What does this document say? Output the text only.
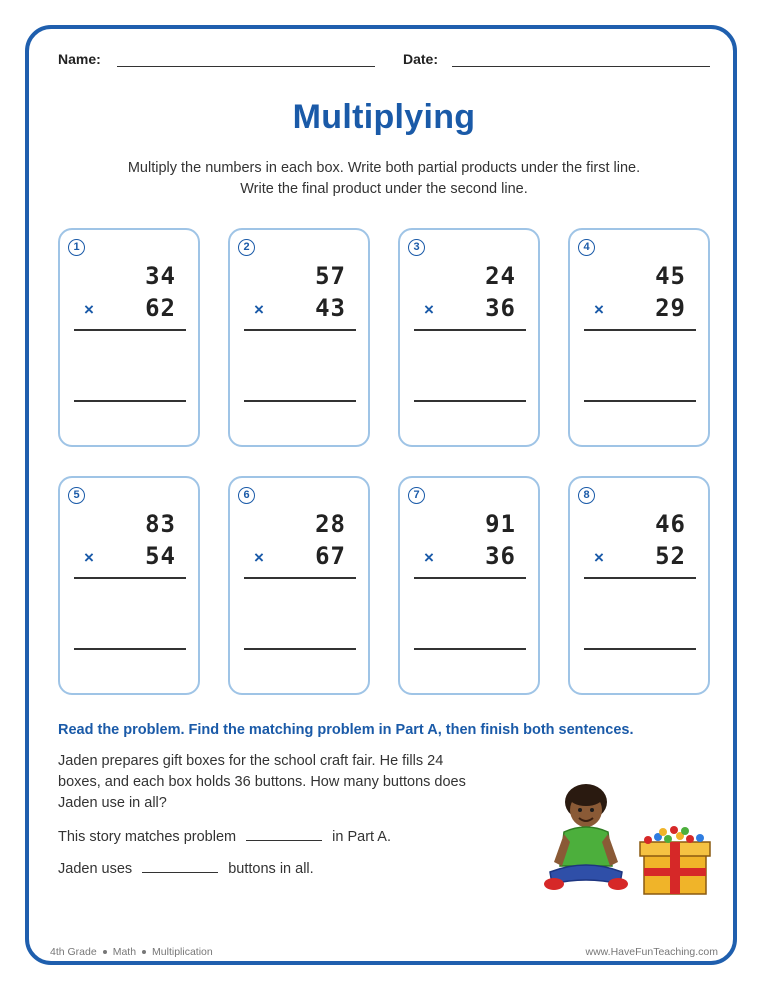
Name:	Date:
Multiplying
Multiply the numbers in each box. Write both partial products under the first line.
Write the final product under the second line.
1
34
× 62
2
57
× 43
3
24
× 36
4
45
× 29
5
83
× 54
6
28
× 67
7
91
× 36
8
46
× 52
Read the problem. Find the matching problem in Part A, then finish both sentences.
Jaden prepares gift boxes for the school craft fair. He fills 24
boxes, and each box holds 36 buttons. How many buttons does
Jaden use in all?
This story matches problem	in Part A.
Jaden uses	buttons in all.
4th Grade Math Multiplication	www.HaveFunTeaching.com
